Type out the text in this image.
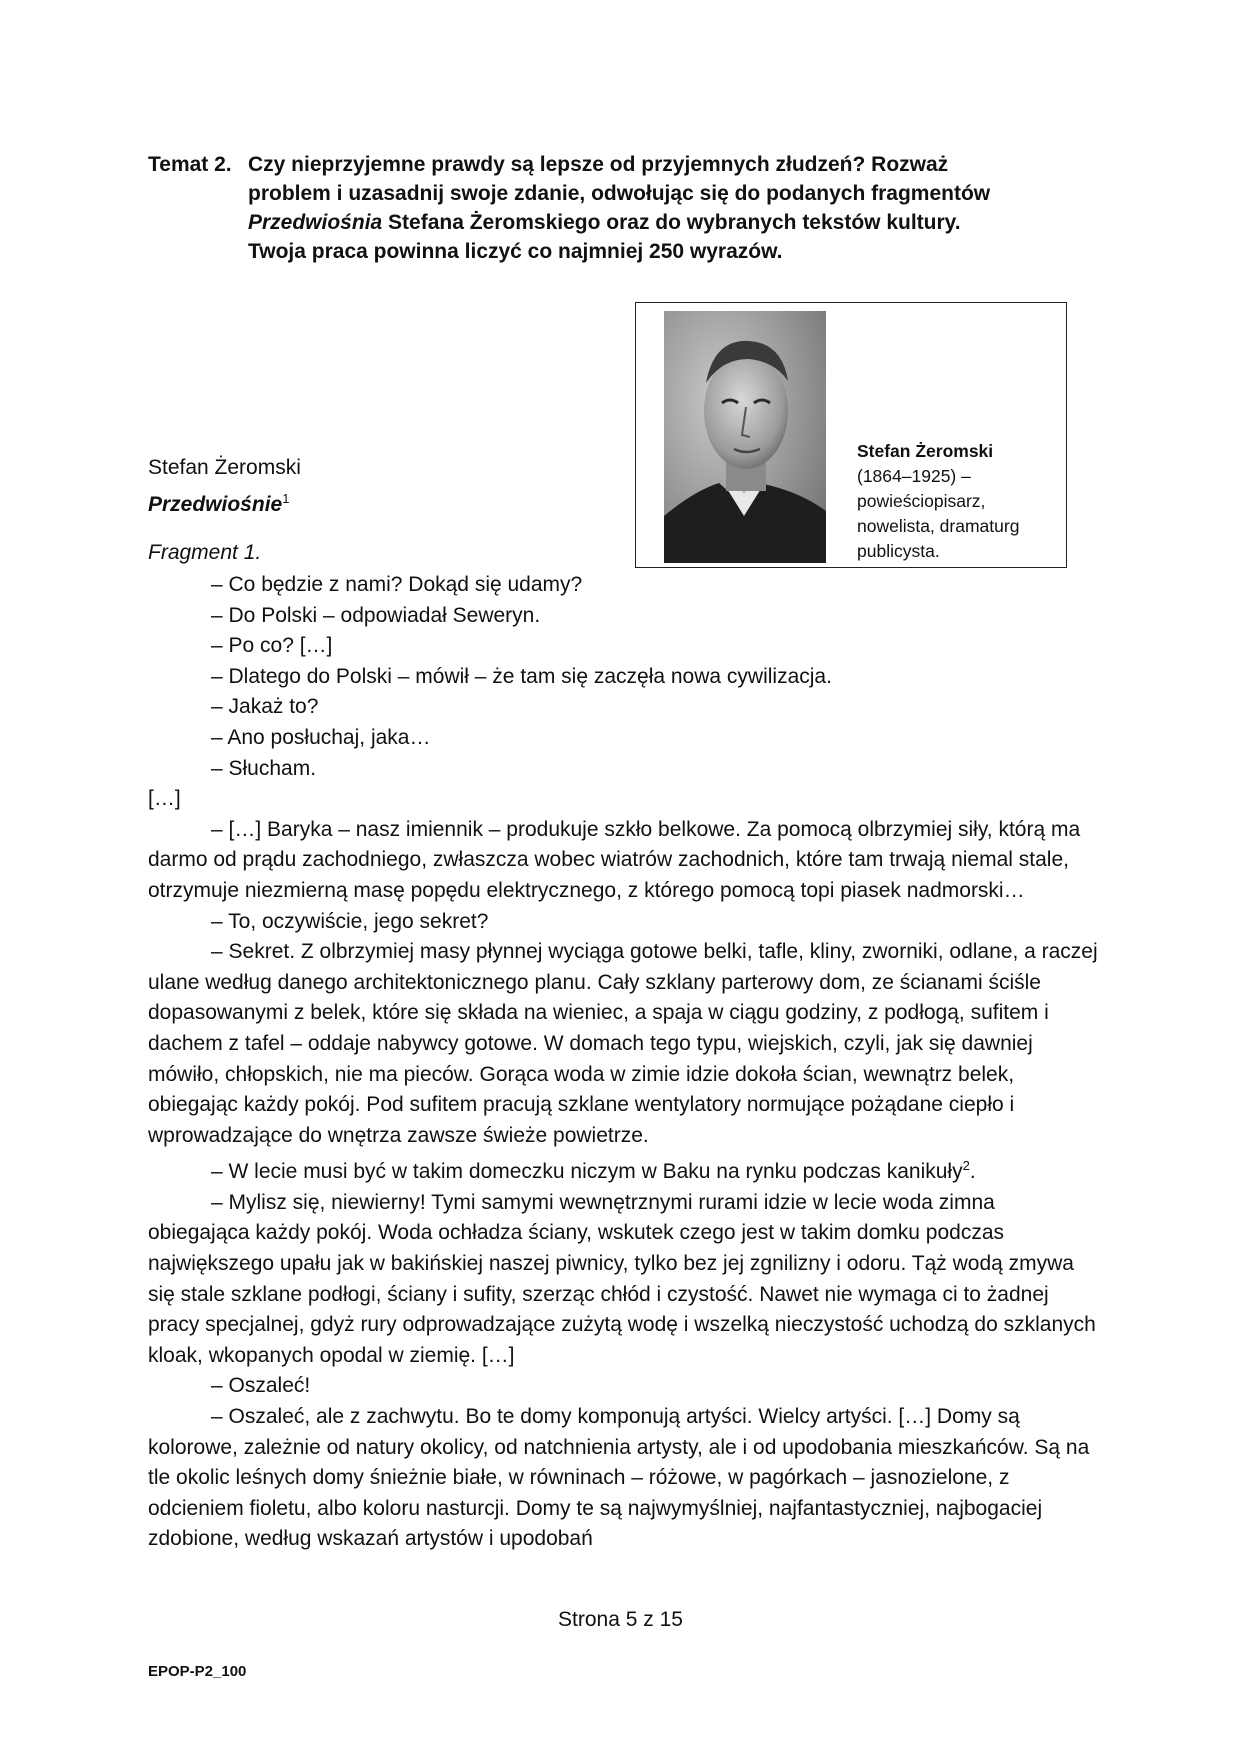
Temat 2. Czy nieprzyjemne prawdy są lepsze od przyjemnych złudzeń? Rozważ
problem i uzasadnij swoje zdanie, odwołując się do podanych fragmentów
Przedwiośnia Stefana Żeromskiego oraz do wybranych tekstów kultury.
Twoja praca powinna liczyć co najmniej 250 wyrazów.
Stefan Żeromski
(1864–1925) –
powieściopisarz,
nowelista, dramaturg
publicysta.
Stefan Żeromski
Przedwiośnie$^1$
Fragment 1.

– Co będzie z nami? Dokąd się udamy?

– Do Polski – odpowiadał Seweryn.

– Po co? […]

– Dlatego do Polski – mówił – że tam się zaczęła nowa cywilizacja.

– Jakaż to?

– Ano posłuchaj, jaka…

– Słucham.

[…]

– […] Baryka – nasz imiennik – produkuje szkło belkowe. Za pomocą olbrzymiej siły, którą ma darmo od prądu zachodniego, zwłaszcza wobec wiatrów zachodnich, które tam trwają niemal stale, otrzymuje niezmierną masę popędu elektrycznego, z którego pomocą topi piasek nadmorski…

– To, oczywiście, jego sekret?

– Sekret. Z olbrzymiej masy płynnej wyciąga gotowe belki, tafle, kliny, zworniki, odlane, a raczej ulane według danego architektonicznego planu. Cały szklany parterowy dom, ze ścianami ściśle dopasowanymi z belek, które się składa na wieniec, a spaja w ciągu godziny, z podłogą, sufitem i dachem z tafel – oddaje nabywcy gotowe. W domach tego typu, wiejskich, czyli, jak się dawniej mówiło, chłopskich, nie ma pieców. Gorąca woda w zimie idzie dokoła ścian, wewnątrz belek, obiegając każdy pokój. Pod sufitem pracują szklane wentylatory normujące pożądane ciepło i wprowadzające do wnętrza zawsze świeże powietrze.

– W lecie musi być w takim domeczku niczym w Baku na rynku podczas kanikuły$^2$.

– Mylisz się, niewierny! Tymi samymi wewnętrznymi rurami idzie w lecie woda zimna obiegająca każdy pokój. Woda ochładza ściany, wskutek czego jest w takim domku podczas największego upału jak w bakińskiej naszej piwnicy, tylko bez jej zgnilizny i odoru. Tąż wodą zmywa się stale szklane podłogi, ściany i sufity, szerząc chłód i czystość. Nawet nie wymaga ci to żadnej pracy specjalnej, gdyż rury odprowadzające zużytą wodę i wszelką nieczystość uchodzą do szklanych kloak, wkopanych opodal w ziemię. […]

– Oszaleć!

– Oszaleć, ale z zachwytu. Bo te domy komponują artyści. Wielcy artyści. […] Domy są kolorowe, zależnie od natury okolicy, od natchnienia artysty, ale i od upodobania mieszkańców. Są na tle okolic leśnych domy śnieżnie białe, w równinach – różowe, w pagórkach – jasnozielone, z odcieniem fioletu, albo koloru nasturcji. Domy te są najwymyślniej, najfantastyczniej, najbogaciej zdobione, według wskazań artystów i upodobań

Strona 5 z 15
EPOP-P2_100
